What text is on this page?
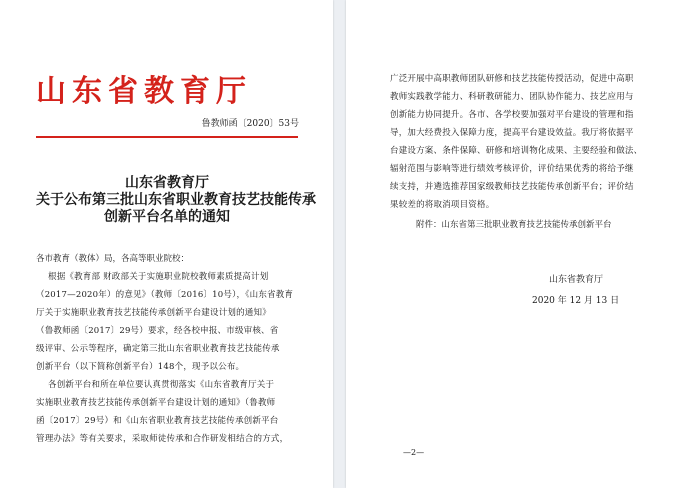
山东省教育厅
鲁教师函〔2020〕53号
山东省教育厅
关于公布第三批山东省职业教育技艺技能传承
创新平台名单的通知
各市教育（教体）局，各高等职业院校：
根据《教育部 财政部关于实施职业院校教师素质提高计划
（2017—2020年）的意见》（教师〔2016〕10号），《山东省教育
厅关于实施职业教育技艺技能传承创新平台建设计划的通知》
（鲁教师函〔2017〕29号）要求，经各校申报、市级审核、省
级评审、公示等程序，确定第三批山东省职业教育技艺技能传承
创新平台（以下简称创新平台）148个，现予以公布。
各创新平台和所在单位要认真贯彻落实《山东省教育厅关于
实施职业教育技艺技能传承创新平台建设计划的通知》（鲁教师
函〔2017〕29号）和《山东省职业教育技艺技能传承创新平台
管理办法》等有关要求，采取师徒传承和合作研发相结合的方式，
广泛开展中高职教师团队研修和技艺技能传授活动，促进中高职
教师实践教学能力、科研教研能力、团队协作能力、技艺应用与
创新能力协同提升。各市、各学校要加强对平台建设的管理和指
导，加大经费投入保障力度，提高平台建设效益。我厅将依据平
台建设方案、条件保障、研修和培训物化成果、主要经验和做法、
辐射范围与影响等进行绩效考核评价，评价结果优秀的将给予继
续支持，并遴选推荐国家级教师技艺技能传承创新平台；评价结
果较差的将取消项目资格。
附件：山东省第三批职业教育技艺技能传承创新平台
山东省教育厅
2020 年 12 月 13 日
—2—
